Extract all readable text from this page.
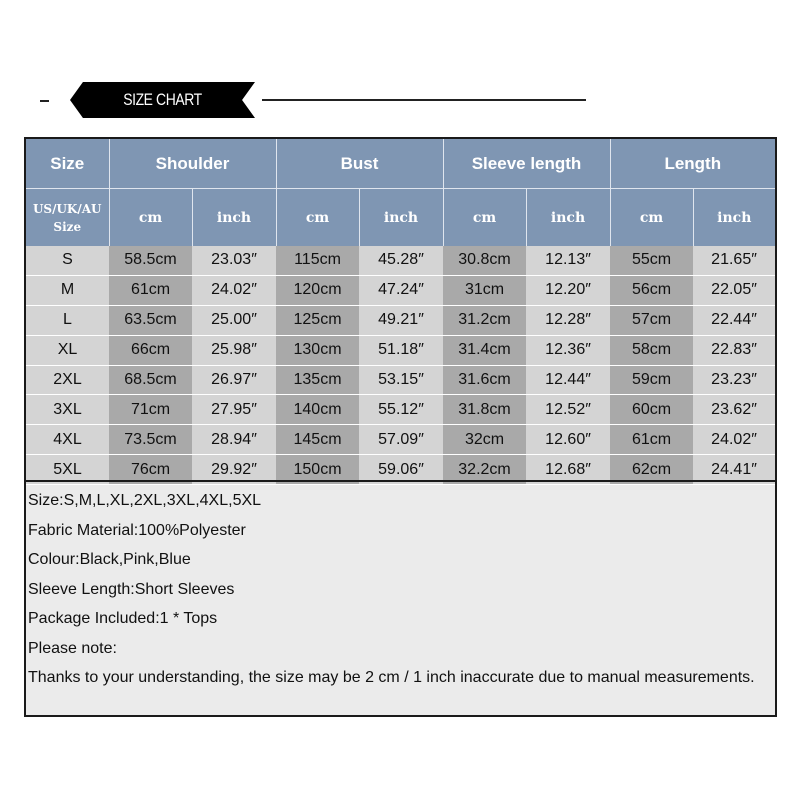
SIZE CHART
Size	Shoulder		Bust		Sleeve length		Length	

US/UK/AU
Size	cm	inch	cm	inch	cm	inch	cm	inch
S	58.5cm	23.03″	115cm	45.28″	30.8cm	12.13″	55cm	21.65″
M	61cm	24.02″	120cm	47.24″	31cm	12.20″	56cm	22.05″
L	63.5cm	25.00″	125cm	49.21″	31.2cm	12.28″	57cm	22.44″
XL	66cm	25.98″	130cm	51.18″	31.4cm	12.36″	58cm	22.83″
2XL	68.5cm	26.97″	135cm	53.15″	31.6cm	12.44″	59cm	23.23″
3XL	71cm	27.95″	140cm	55.12″	31.8cm	12.52″	60cm	23.62″
4XL	73.5cm	28.94″	145cm	57.09″	32cm	12.60″	61cm	24.02″
5XL	76cm	29.92″	150cm	59.06″	32.2cm	12.68″	62cm	24.41″
Size:S,M,L,XL,2XL,3XL,4XL,5XL
Fabric Material:100%Polyester
Colour:Black,Pink,Blue
Sleeve Length:Short Sleeves
Package Included:1 * Tops
Please note:
Thanks to your understanding, the size may be 2 cm / 1 inch inaccurate due to manual measurements.
